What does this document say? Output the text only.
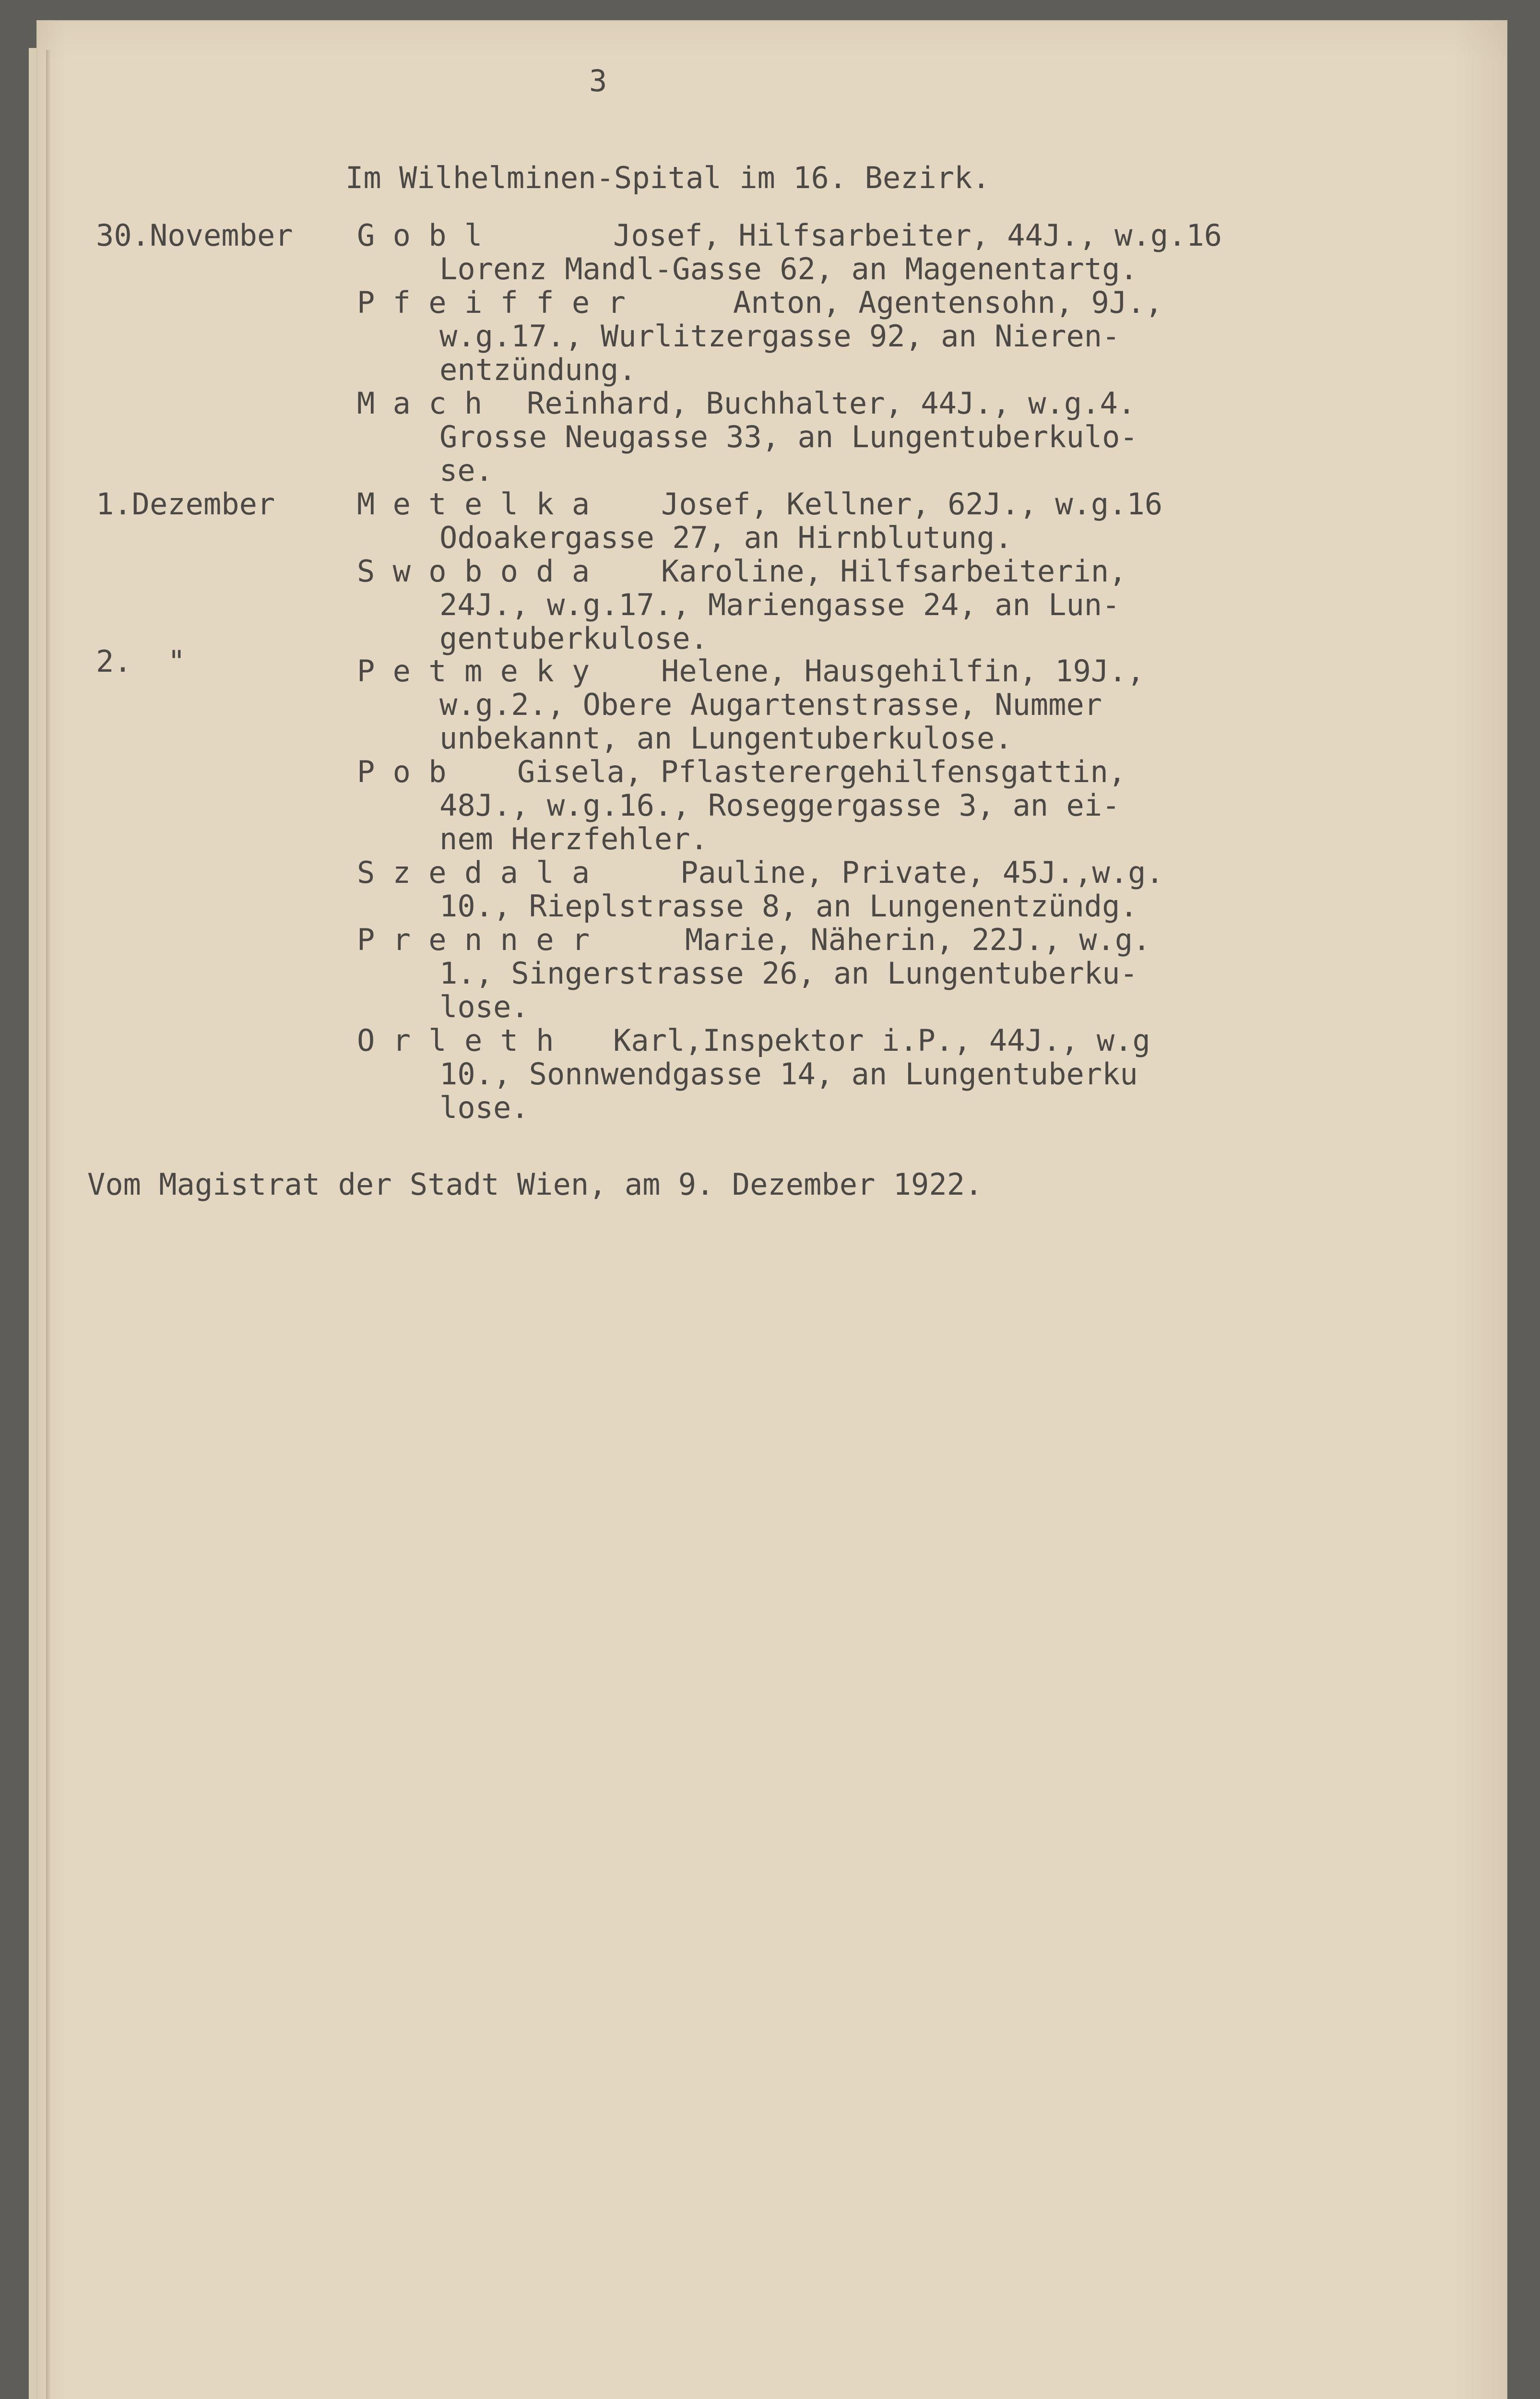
3
Im Wilhelminen-Spital im 16. Bezirk.
30.November G o b l	Josef, Hilfsarbeiter, 44J., w.g.16
Lorenz Mandl-Gasse 62, an Magenentartg.
P f e i f f e r	Anton, Agentensohn, 9J.,
w.g.17., Wurlitzergasse 92, an Nieren-
entzündung.
M a c h Reinhard, Buchhalter, 44J., w.g.4.
Grosse Neugasse 33, an Lungentuberkulo-
se.
1.Dezember	M e t e l k a Josef, Kellner, 62J., w.g.16
Odoakergasse 27, an Hirnblutung.
S w o b o d a Karoline, Hilfsarbeiterin,
24J., w.g.17., Mariengasse 24, an Lun-
gentuberkulose.
2.  "	P e t m e k y Helene, Hausgehilfin, 19J.,
w.g.2., Obere Augartenstrasse, Nummer
unbekannt, an Lungentuberkulose.
P o b Gisela, Pflasterergehilfensgattin,
48J., w.g.16., Roseggergasse 3, an ei-
nem Herzfehler.
S z e d a l a	Pauline, Private, 45J.,w.g.
10., Rieplstrasse 8, an Lungenentzündg.
P r e n n e r	Marie, Näherin, 22J., w.g.
1., Singerstrasse 26, an Lungentuberku-
lose.
O r l e t h Karl,Inspektor i.P., 44J., w.g
10., Sonnwendgasse 14, an Lungentuberku
lose.
Vom Magistrat der Stadt Wien, am 9. Dezember 1922.
